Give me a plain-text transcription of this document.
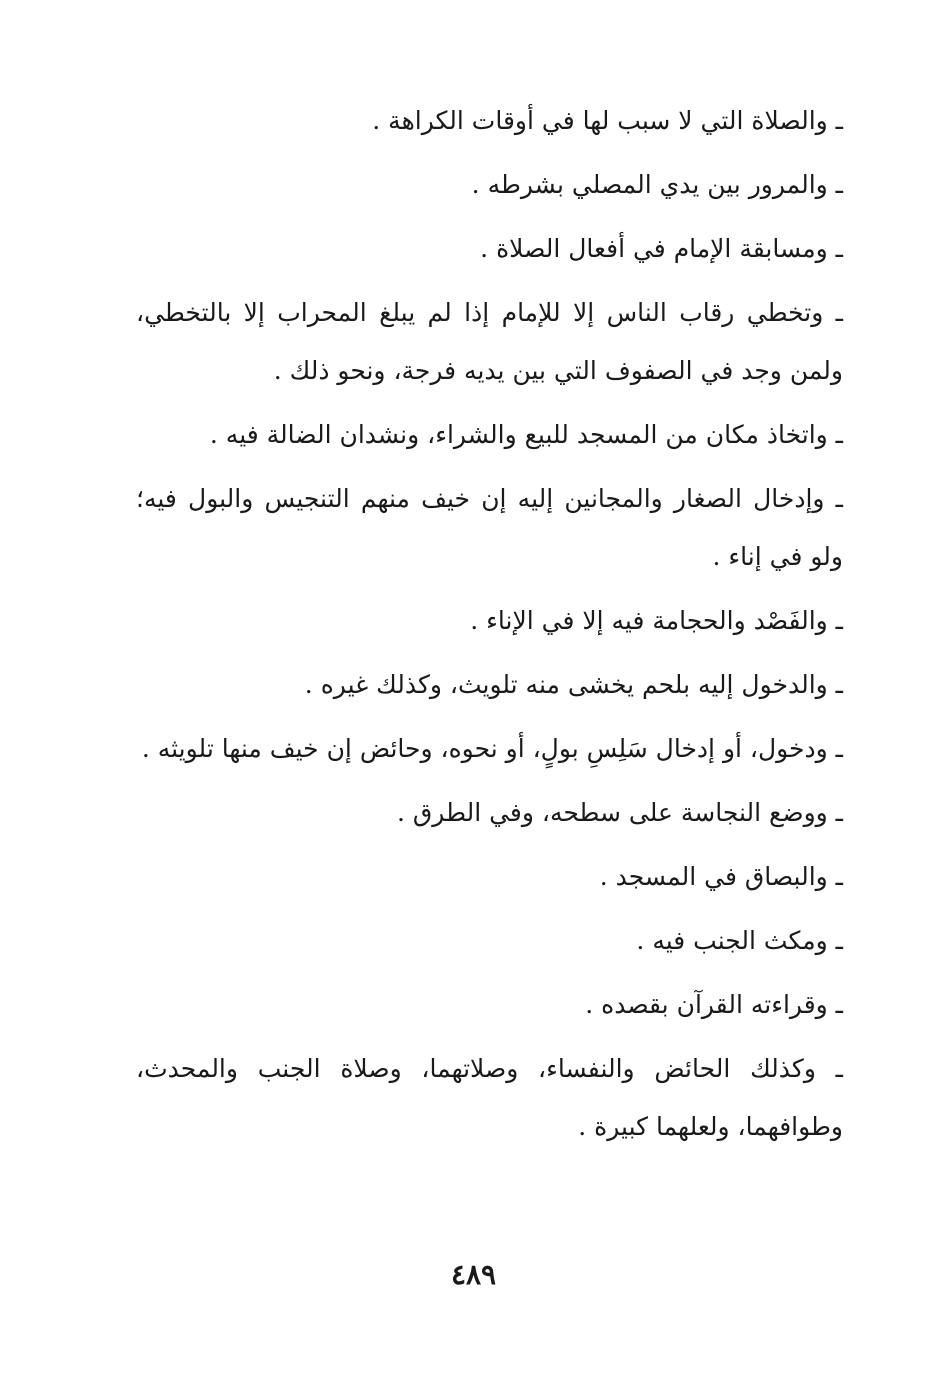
ـ والصلاة التي لا سبب لها في أوقات الكراهة .

ـ والمرور بين يدي المصلي بشرطه .

ـ ومسابقة الإمام في أفعال الصلاة .

ـ وتخطي رقاب الناس إلا للإمام إذا لم يبلغ المحراب إلا بالتخطي، ولمن وجد في الصفوف التي بين يديه فرجة، ونحو ذلك .

ـ واتخاذ مكان من المسجد للبيع والشراء، ونشدان الضالة فيه .

ـ وإدخال الصغار والمجانين إليه إن خيف منهم التنجيس والبول فيه؛ ولو في إناء .

ـ والفَصْد والحجامة فيه إلا في الإناء .

ـ والدخول إليه بلحم يخشى منه تلويث، وكذلك غيره .

ـ ودخول، أو إدخال سَلِسِ بولٍ، أو نحوه، وحائض إن خيف منها تلويثه .

ـ ووضع النجاسة على سطحه، وفي الطرق .

ـ والبصاق في المسجد .

ـ ومكث الجنب فيه .

ـ وقراءته القرآن بقصده .

ـ وكذلك الحائض والنفساء، وصلاتهما، وصلاة الجنب والمحدث، وطوافهما، ولعلهما كبيرة .

٤٨٩
